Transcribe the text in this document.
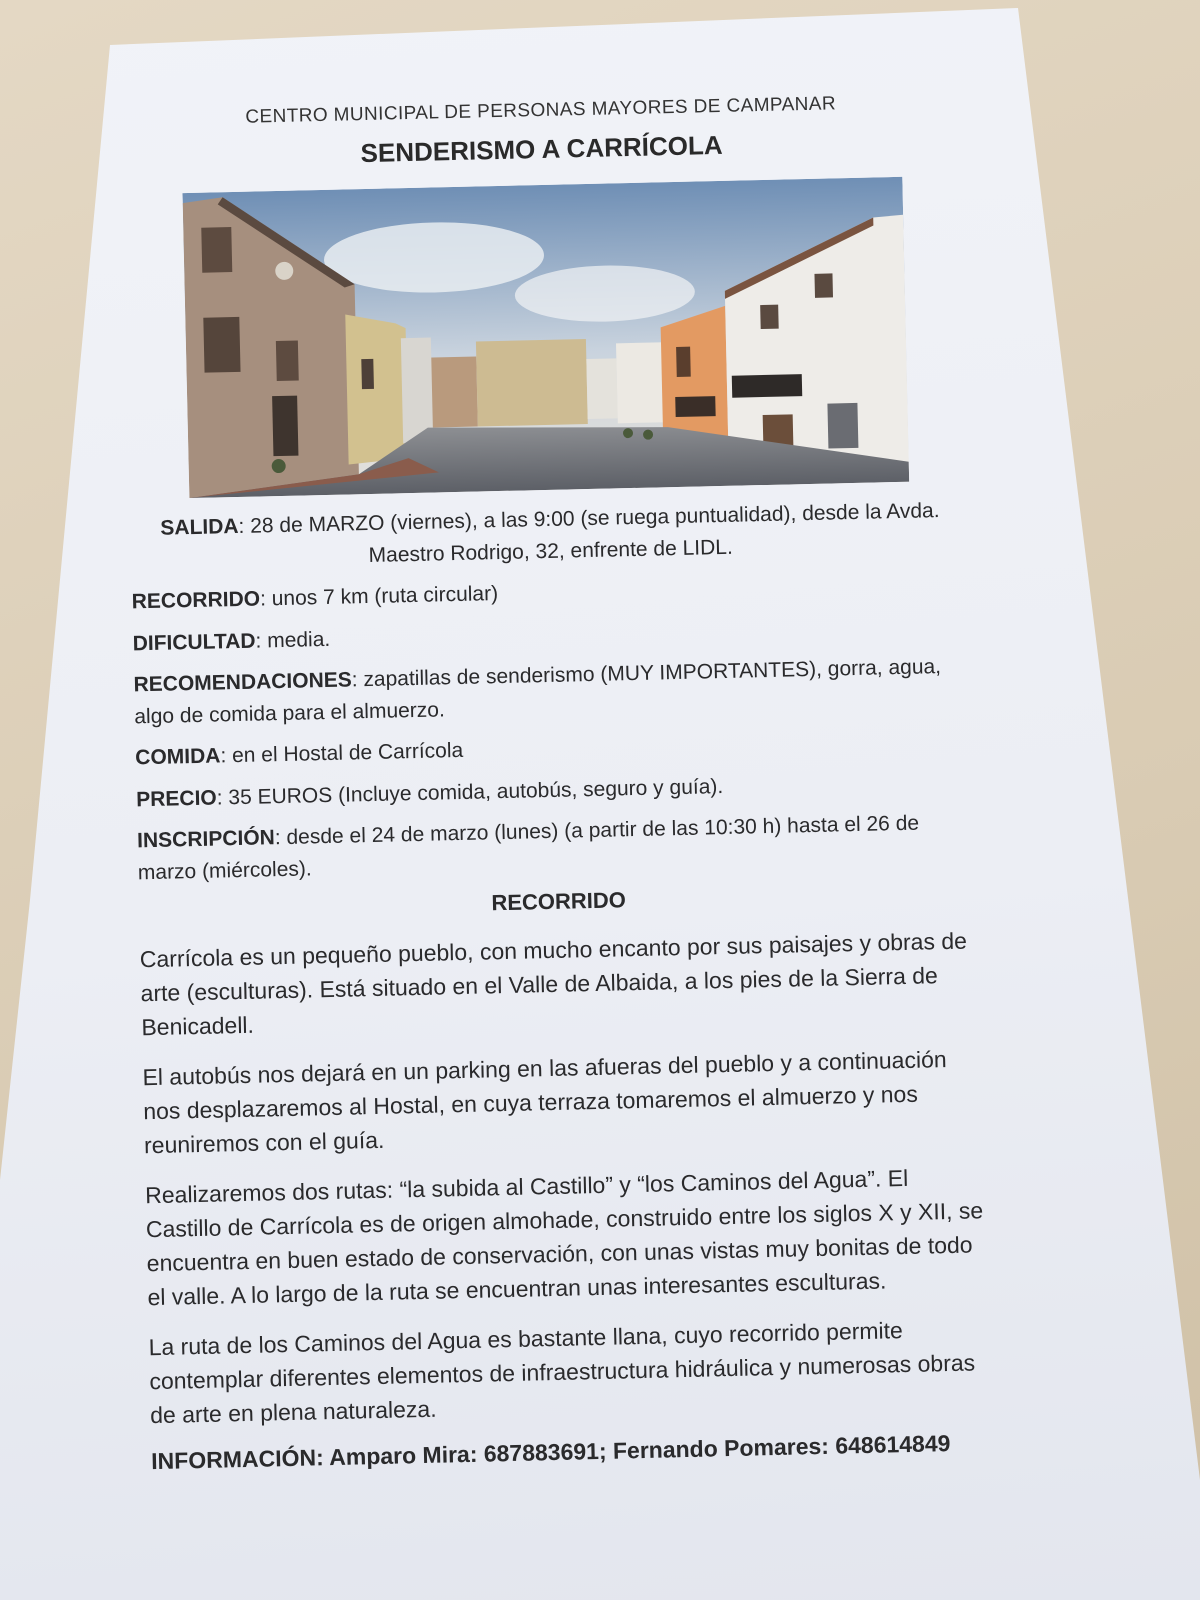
CENTRO MUNICIPAL DE PERSONAS MAYORES DE CAMPANAR
SENDERISMO A CARRÍCOLA

SALIDA: 28 de MARZO (viernes), a las 9:00 (se ruega puntualidad), desde la Avda. Maestro Rodrigo, 32, enfrente de LIDL.

RECORRIDO: unos 7 km (ruta circular)

DIFICULTAD: media.

RECOMENDACIONES: zapatillas de senderismo (MUY IMPORTANTES), gorra, agua, algo de comida para el almuerzo.

COMIDA: en el Hostal de Carrícola

PRECIO: 35 EUROS (Incluye comida, autobús, seguro y guía).

INSCRIPCIÓN: desde el 24 de marzo (lunes) (a partir de las 10:30 h) hasta el 26 de marzo (miércoles).

RECORRIDO

Carrícola es un pequeño pueblo, con mucho encanto por sus paisajes y obras de arte (esculturas). Está situado en el Valle de Albaida, a los pies de la Sierra de Benicadell.

El autobús nos dejará en un parking en las afueras del pueblo y a continuación nos desplazaremos al Hostal, en cuya terraza tomaremos el almuerzo y nos reuniremos con el guía.

Realizaremos dos rutas: “la subida al Castillo” y “los Caminos del Agua”. El Castillo de Carrícola es de origen almohade, construido entre los siglos X y XII, se encuentra en buen estado de conservación, con unas vistas muy bonitas de todo el valle. A lo largo de la ruta se encuentran unas interesantes esculturas.

La ruta de los Caminos del Agua es bastante llana, cuyo recorrido permite contemplar diferentes elementos de infraestructura hidráulica y numerosas obras de arte en plena naturaleza.

INFORMACIÓN: Amparo Mira: 687883691; Fernando Pomares: 648614849
